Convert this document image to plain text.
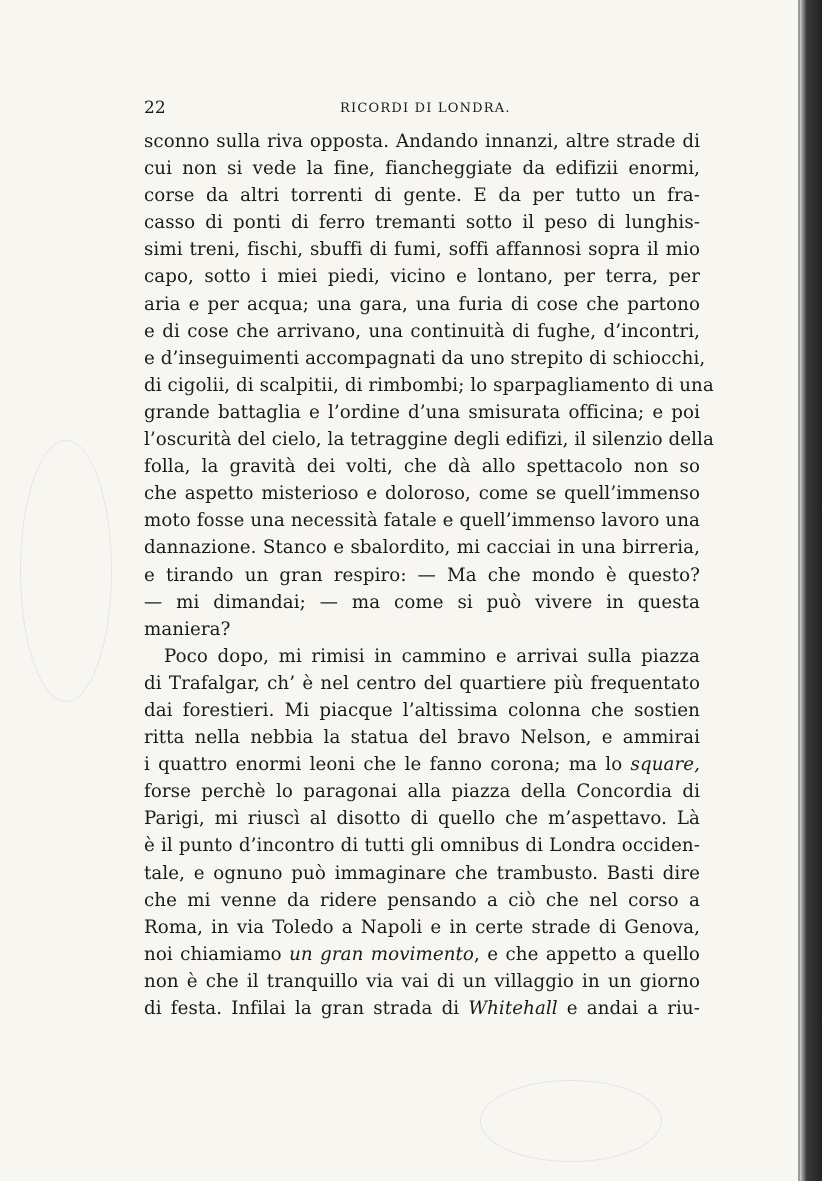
22	RICORDI DI LONDRA.
sconno sulla riva opposta. Andando innanzi, altre strade di
cui non si vede la fine, fiancheggiate da edifizii enormi,
corse da altri torrenti di gente. E da per tutto un fra-
casso di ponti di ferro tremanti sotto il peso di lunghis-
simi treni, fischi, sbuffi di fumi, soffi affannosi sopra il mio
capo, sotto i miei piedi, vicino e lontano, per terra, per
aria e per acqua; una gara, una furia di cose che partono
e di cose che arrivano, una continuità di fughe, d’incontri,
e d’inseguimenti accompagnati da uno strepito di schiocchi,
di cigolii, di scalpitii, di rimbombi; lo sparpagliamento di una
grande battaglia e l’ordine d’una smisurata officina; e poi
l’oscurità del cielo, la tetraggine degli edifizi, il silenzio della
folla, la gravità dei volti, che dà allo spettacolo non so
che aspetto misterioso e doloroso, come se quell’immenso
moto fosse una necessità fatale e quell’immenso lavoro una
dannazione. Stanco e sbalordito, mi cacciai in una birreria,
e tirando un gran respiro: — Ma che mondo è questo?
— mi dimandai; — ma come si può vivere in questa
maniera?
Poco dopo, mi rimisi in cammino e arrivai sulla piazza
di Trafalgar, ch’ è nel centro del quartiere più frequentato
dai forestieri. Mi piacque l’altissima colonna che sostien
ritta nella nebbia la statua del bravo Nelson, e ammirai
i quattro enormi leoni che le fanno corona; ma lo square,
forse perchè lo paragonai alla piazza della Concordia di
Parigi, mi riuscì al disotto di quello che m’aspettavo. Là
è il punto d’incontro di tutti gli omnibus di Londra occiden-
tale, e ognuno può immaginare che trambusto. Basti dire
che mi venne da ridere pensando a ciò che nel corso a
Roma, in via Toledo a Napoli e in certe strade di Genova,
noi chiamiamo un gran movimento, e che appetto a quello
non è che il tranquillo via vai di un villaggio in un giorno
di festa. Infilai la gran strada di Whitehall e andai a riu-
